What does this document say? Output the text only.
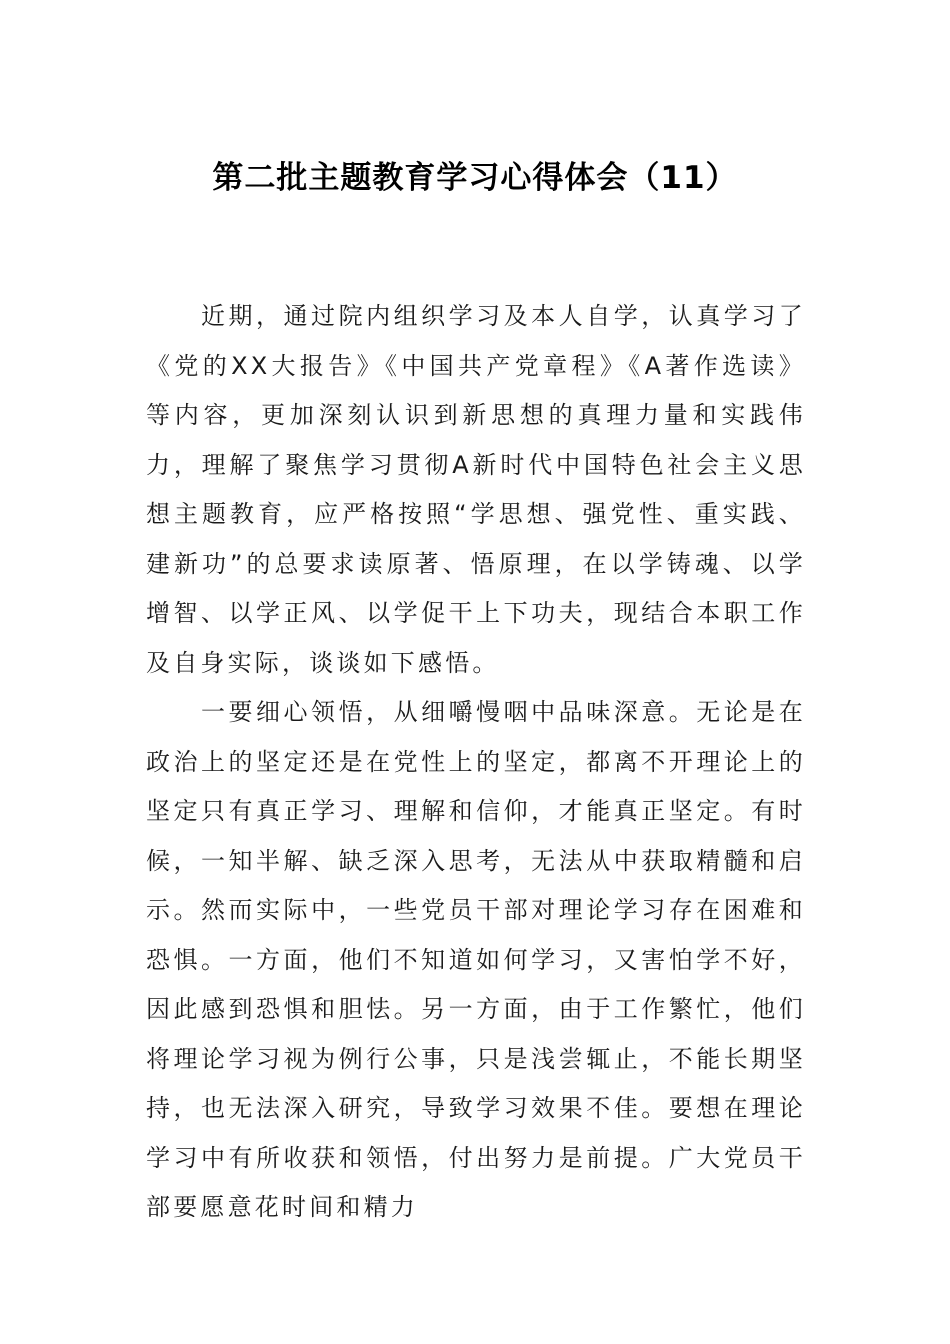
第二批主题教育学习心得体会（11）

近期，通过院内组织学习及本人自学，认真学习了《党的XX大报告》《中国共产党章程》《A著作选读》等内容，更加深刻认识到新思想的真理力量和实践伟力，理解了聚焦学习贯彻A新时代中国特色社会主义思想主题教育，应严格按照“学思想、强党性、重实践、建新功”的总要求读原著、悟原理，在以学铸魂、以学增智、以学正风、以学促干上下功夫，现结合本职工作及自身实际，谈谈如下感悟。

一要细心领悟，从细嚼慢咽中品味深意。无论是在政治上的坚定还是在党性上的坚定，都离不开理论上的坚定只有真正学习、理解和信仰，才能真正坚定。有时候，一知半解、缺乏深入思考，无法从中获取精髓和启示。然而实际中，一些党员干部对理论学习存在困难和恐惧。一方面，他们不知道如何学习，又害怕学不好，因此感到恐惧和胆怯。另一方面，由于工作繁忙，他们将理论学习视为例行公事，只是浅尝辄止，不能长期坚持，也无法深入研究，导致学习效果不佳。要想在理论学习中有所收获和领悟，付出努力是前提。广大党员干部要愿意花时间和精力
